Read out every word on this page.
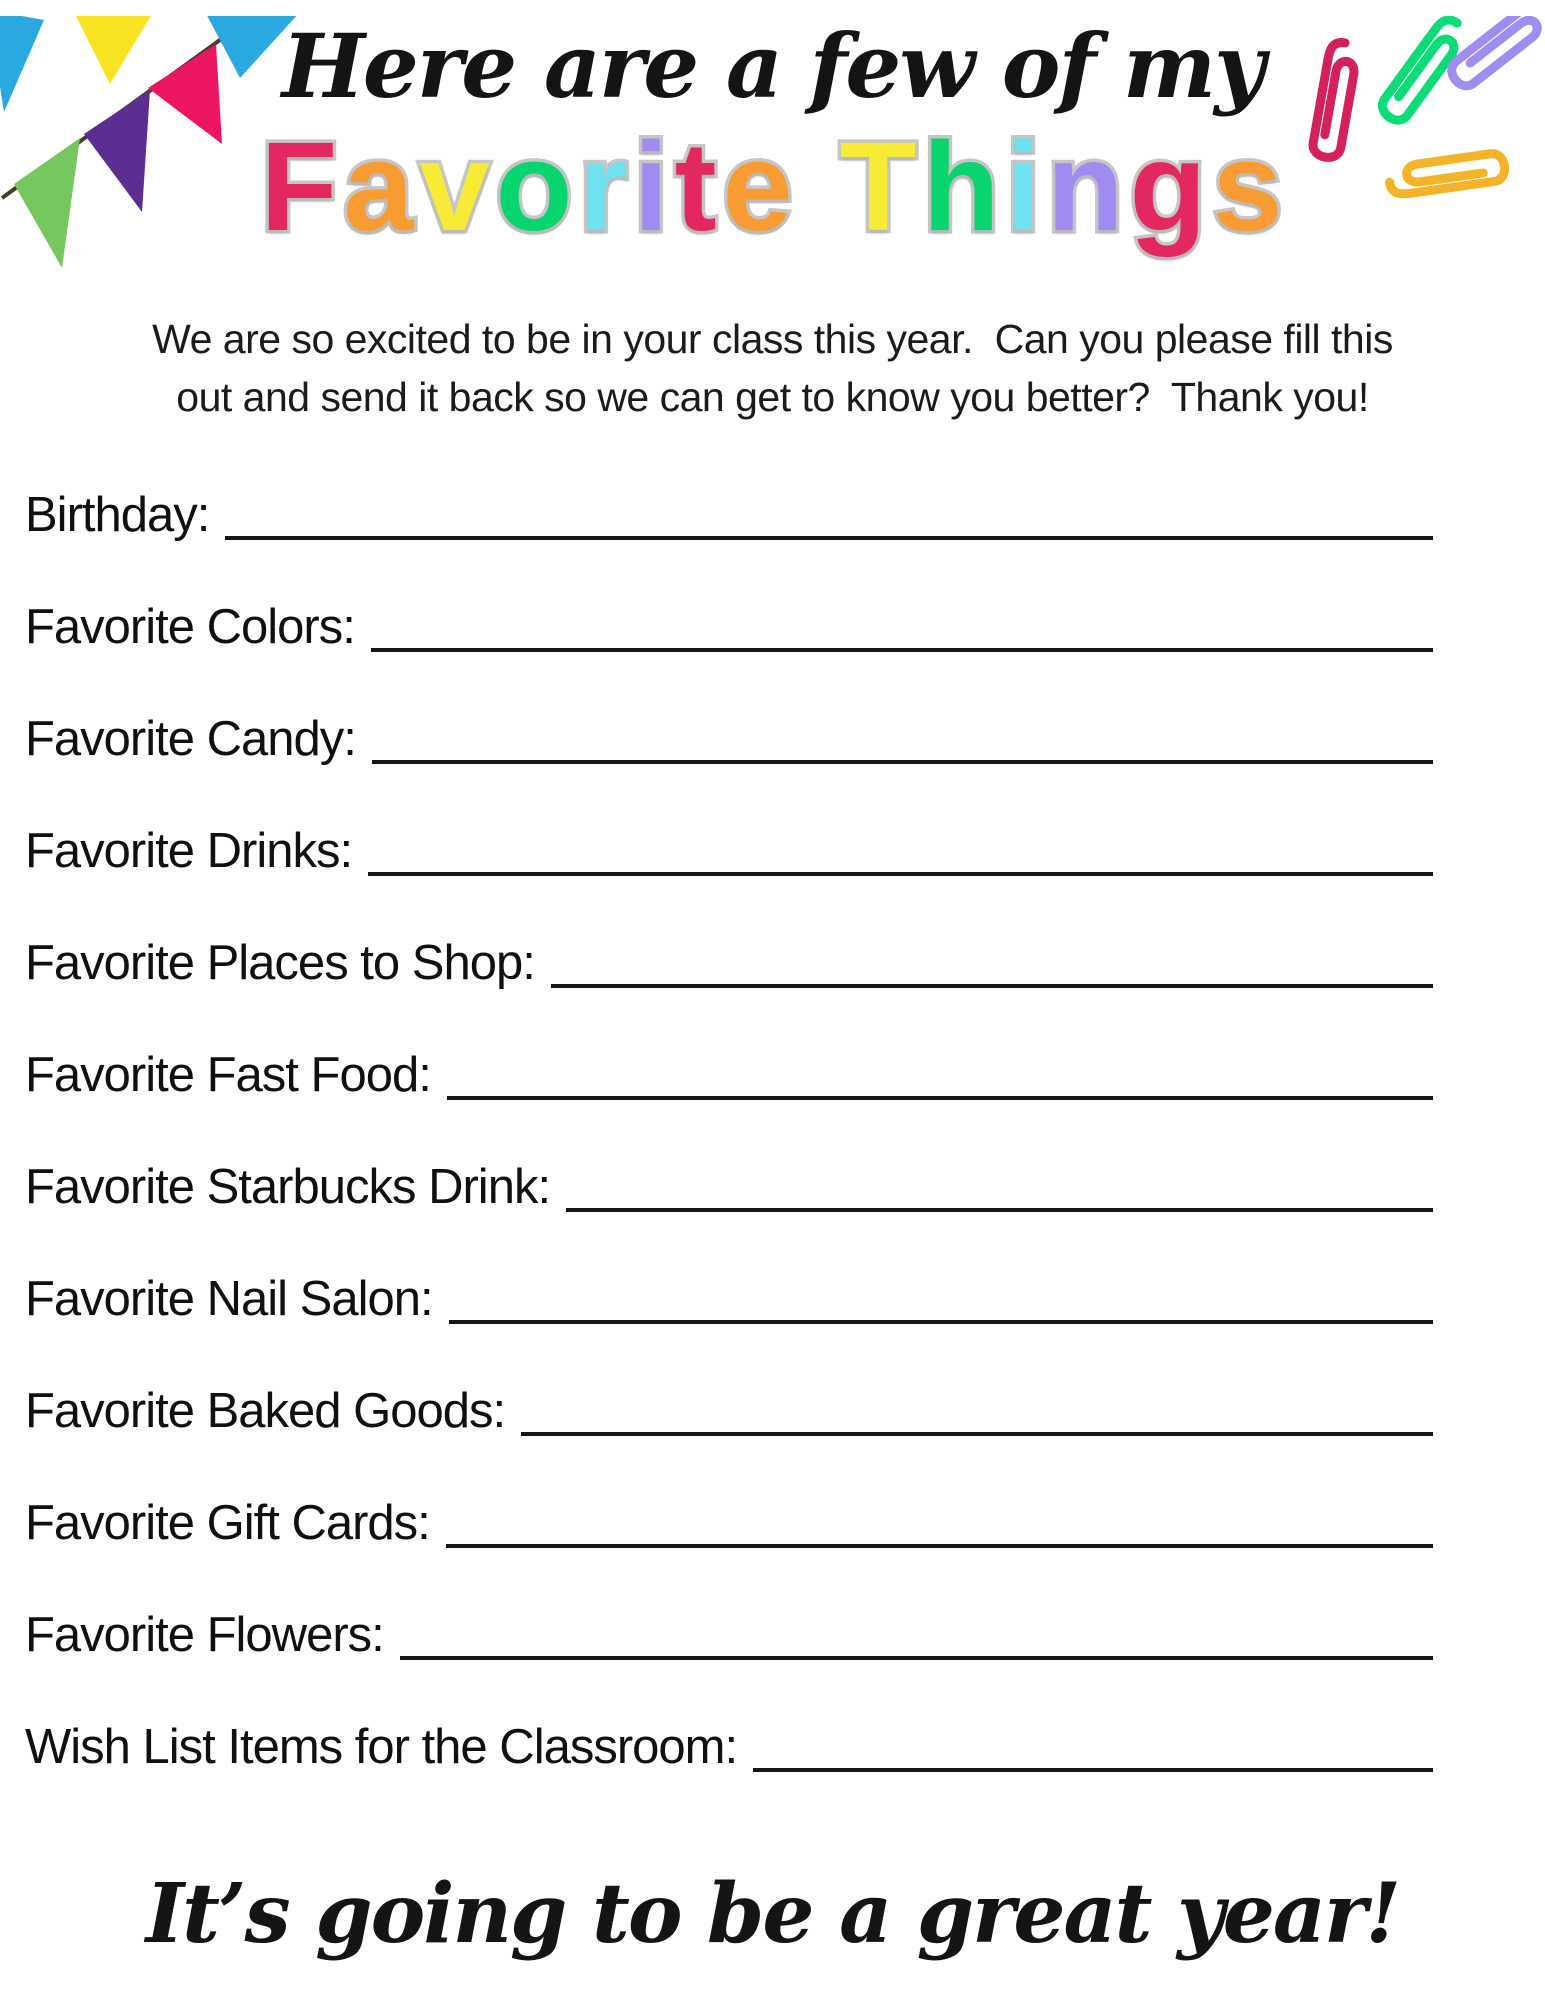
Here are a few of my
Favorite Things
We are so excited to be in your class this year.  Can you please fill this
out and send it back so we can get to know you better?  Thank you!
Birthday:
Favorite Colors:
Favorite Candy:
Favorite Drinks:
Favorite Places to Shop:
Favorite Fast Food:
Favorite Starbucks Drink:
Favorite Nail Salon:
Favorite Baked Goods:
Favorite Gift Cards:
Favorite Flowers:
Wish List Items for the Classroom:
It’s going to be a great year!
